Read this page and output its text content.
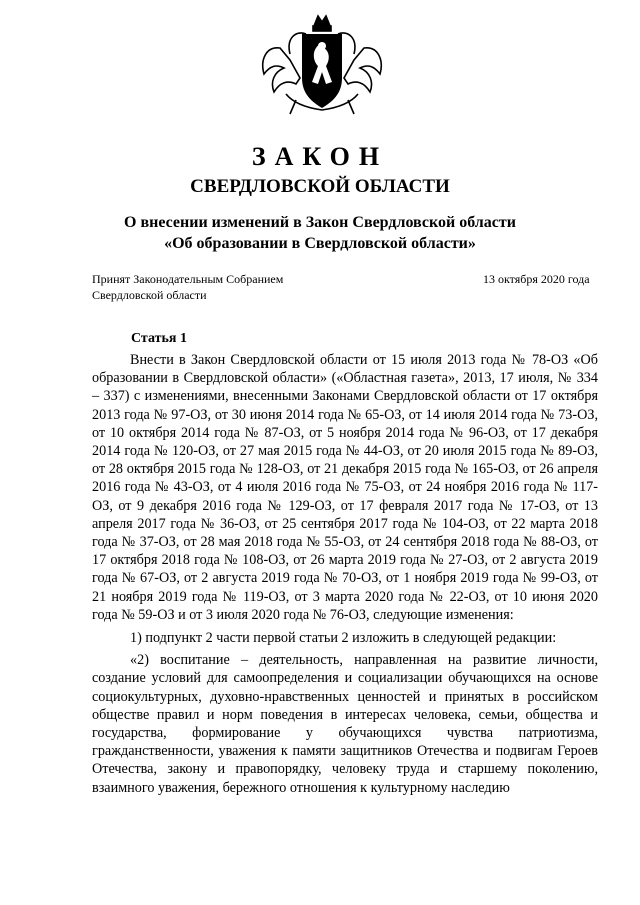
ЗАКОН
СВЕРДЛОВСКОЙ ОБЛАСТИ
О внесении изменений в Закон Свердловской области
«Об образовании в Свердловской области»
Принят Законодательным Собранием
Свердловской области
13 октября 2020 года
Статья 1

Внести в Закон Свердловской области от 15 июля 2013 года № 78-ОЗ «Об образовании в Свердловской области» («Областная газета», 2013, 17 июля, № 334 – 337) с изменениями, внесенными Законами Свердловской области от 17 октября 2013 года № 97-ОЗ, от 30 июня 2014 года № 65-ОЗ, от 14 июля 2014 года № 73-ОЗ, от 10 октября 2014 года № 87-ОЗ, от 5 ноября 2014 года № 96-ОЗ, от 17 декабря 2014 года № 120-ОЗ, от 27 мая 2015 года № 44-ОЗ, от 20 июля 2015 года № 89-ОЗ, от 28 октября 2015 года № 128-ОЗ, от 21 декабря 2015 года № 165-ОЗ, от 26 апреля 2016 года № 43-ОЗ, от 4 июля 2016 года № 75-ОЗ, от 24 ноября 2016 года № 117-ОЗ, от 9 декабря 2016 года № 129-ОЗ, от 17 февраля 2017 года № 17-ОЗ, от 13 апреля 2017 года № 36-ОЗ, от 25 сентября 2017 года № 104-ОЗ, от 22 марта 2018 года № 37-ОЗ, от 28 мая 2018 года № 55-ОЗ, от 24 сентября 2018 года № 88-ОЗ, от 17 октября 2018 года № 108-ОЗ, от 26 марта 2019 года № 27-ОЗ, от 2 августа 2019 года № 67-ОЗ, от 2 августа 2019 года № 70-ОЗ, от 1 ноября 2019 года № 99-ОЗ, от 21 ноября 2019 года № 119-ОЗ, от 3 марта 2020 года № 22-ОЗ, от 10 июня 2020 года № 59-ОЗ и от 3 июля 2020 года № 76-ОЗ, следующие изменения:

1) подпункт 2 части первой статьи 2 изложить в следующей редакции:

«2) воспитание – деятельность, направленная на развитие личности, создание условий для самоопределения и социализации обучающихся на основе социокультурных, духовно-нравственных ценностей и принятых в российском обществе правил и норм поведения в интересах человека, семьи, общества и государства, формирование у обучающихся чувства патриотизма, гражданственности, уважения к памяти защитников Отечества и подвигам Героев Отечества, закону и правопорядку, человеку труда и старшему поколению, взаимного уважения, бережного отношения к культурному наследию
